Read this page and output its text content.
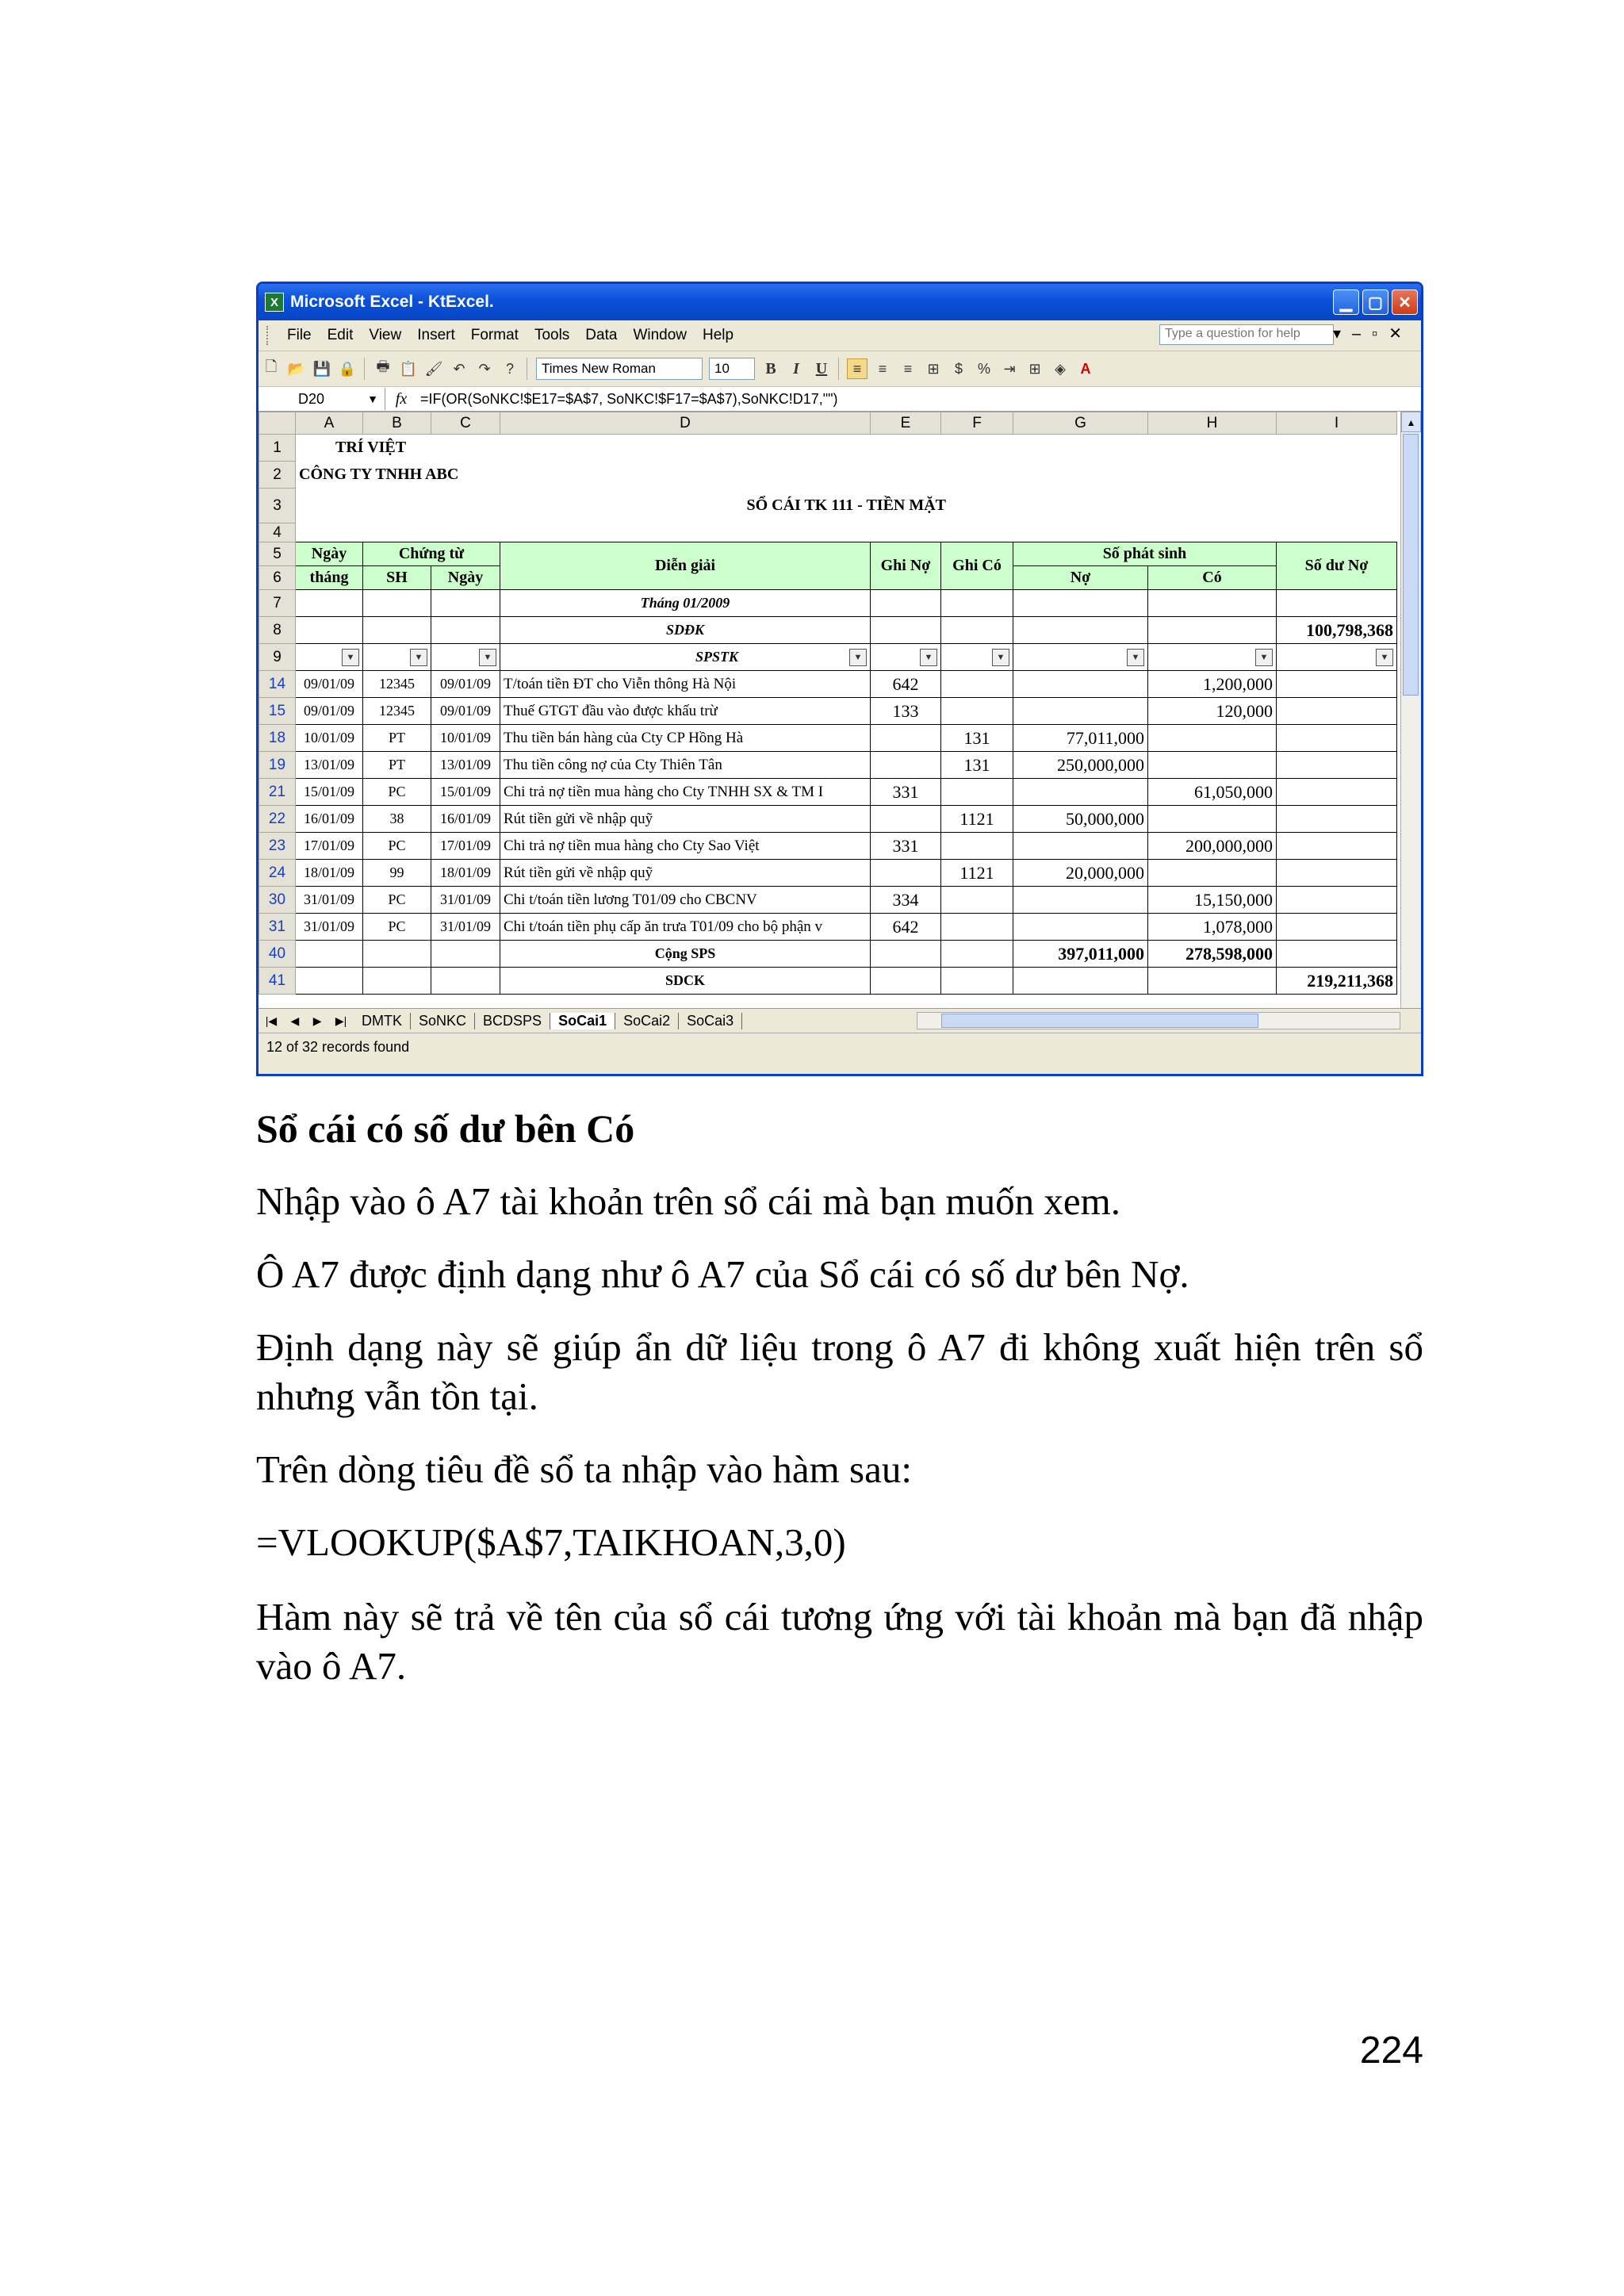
X Microsoft Excel - KtExcel.	▁ ▢ ✕
File Edit View Insert Format Tools Data Window Help	Type a question for help	▾–▫✕
🗋 📂 💾 🔒 🖶 📋 🖌 ↶ ↷	?	Times New Roman	10	B	I	U	≡	≡	≡	⊞	$	% ⇥ ⊞ ◈	A
D20	▼	fx =IF(OR(SoNKC!$E17=$A$7, SoNKC!$F17=$A$7),SoNKC!D17,"")
	A	B	C	D	E	F	G	H	I
1	TRÍ VIỆT								
2	CÔNG TY TNHH ABC								
3	SỔ CÁI TK 111 - TIỀN MẶT								
4									
5	Ngày	Chứng từ		Diễn giải	Ghi Nợ	Ghi Có	Số phát sinh		Số dư Nợ
6	tháng	SH	Ngày				Nợ	Có	
7				Tháng 01/2009					
8				SDĐK					100,798,368
9	▼	▼	▼	SPSTK ▼	▼	▼	▼	▼	▼
14	09/01/09	12345	09/01/09	T/toán tiền ĐT cho Viễn thông Hà Nội	642			1,200,000	
15	09/01/09	12345	09/01/09	Thuế GTGT đầu vào được khấu trừ	133			120,000	
18	10/01/09	PT	10/01/09	Thu tiền bán hàng của Cty CP Hồng Hà		131	77,011,000		
19	13/01/09	PT	13/01/09	Thu tiền công nợ của Cty Thiên Tân		131	250,000,000		
21	15/01/09	PC	15/01/09	Chi trả nợ tiền mua hàng cho Cty TNHH SX & TM I	331			61,050,000	
22	16/01/09	38	16/01/09	Rút tiền gửi về nhập quỹ		1121	50,000,000		
23	17/01/09	PC	17/01/09	Chi trả nợ tiền mua hàng cho Cty Sao Việt	331			200,000,000	
24	18/01/09	99	18/01/09	Rút tiền gửi về nhập quỹ		1121	20,000,000		
30	31/01/09	PC	31/01/09	Chi t/toán tiền lương T01/09 cho CBCNV	334			15,150,000	
31	31/01/09	PC	31/01/09	Chi t/toán tiền phụ cấp ăn trưa T01/09 cho bộ phận v	642			1,078,000	
40				Cộng SPS			397,011,000	278,598,000	
41				SDCK					219,211,368
▲
|◀ ◀ ▶ ▶|	DMTK	SoNKC	BCDSPS	SoCai1	SoCai2	SoCai3
12 of 32 records found

Sổ cái có số dư bên Có

Nhập vào ô A7 tài khoản trên sổ cái mà bạn muốn xem.

Ô A7 được định dạng như ô A7 của Sổ cái có số dư bên Nợ.

Định dạng này sẽ giúp ẩn dữ liệu trong ô A7 đi không xuất hiện trên sổ nhưng vẫn tồn tại.

Trên dòng tiêu đề sổ ta nhập vào hàm sau:

=VLOOKUP($A$7,TAIKHOAN,3,0)

Hàm này sẽ trả về tên của sổ cái tương ứng với tài khoản mà bạn đã nhập vào ô A7.

224
